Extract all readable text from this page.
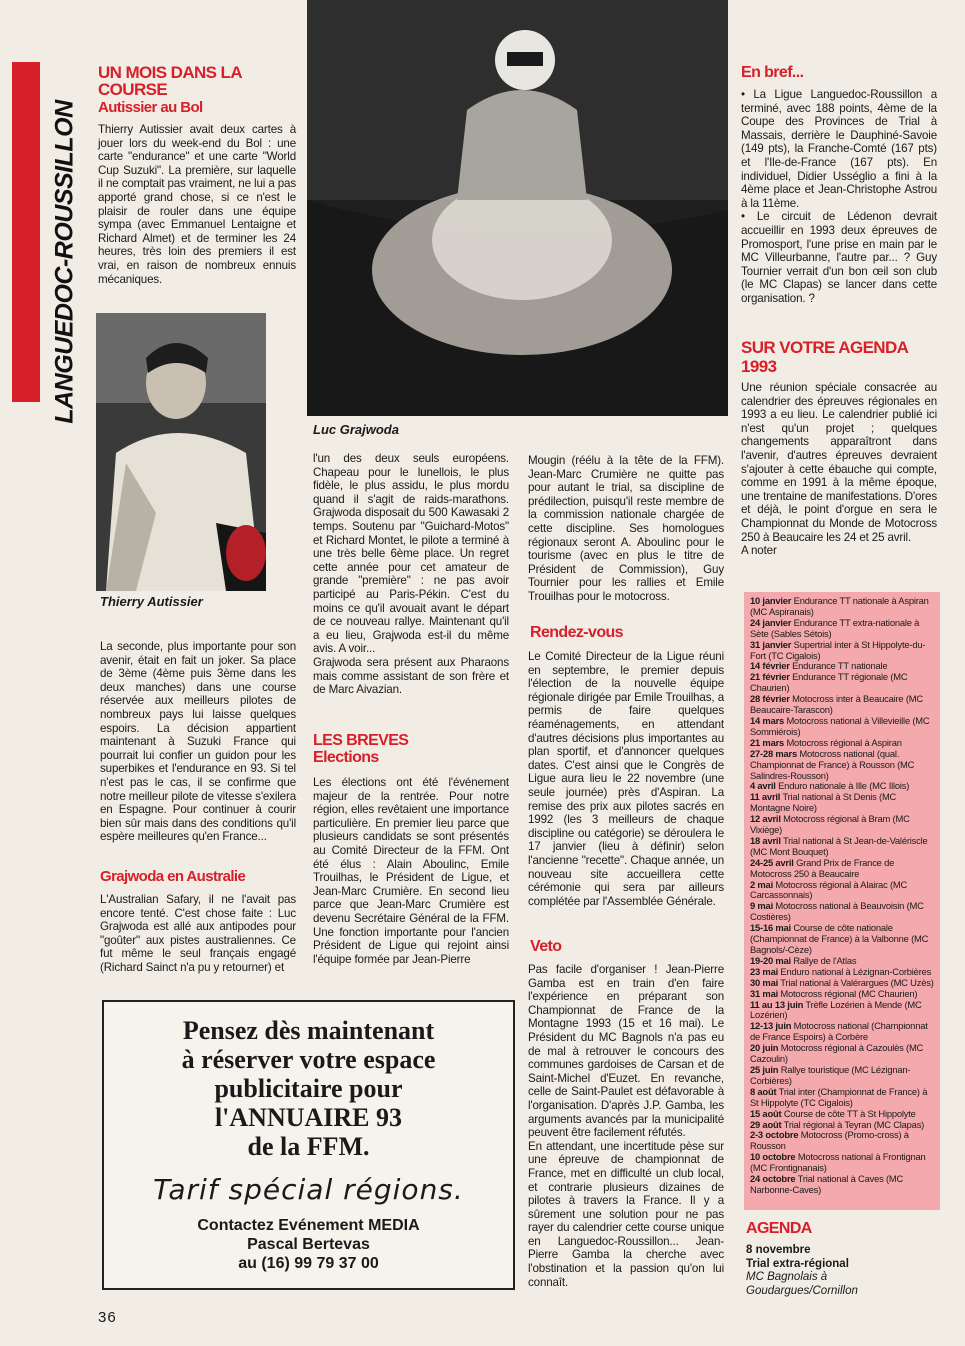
LANGUEDOC-ROUSSILLON
UN MOIS DANS LA COURSE
Autissier au Bol

Thierry Autissier avait deux cartes à jouer lors du week-end du Bol : une carte "endurance" et une carte "World Cup Suzuki". La première, sur laquelle il ne comptait pas vraiment, ne lui a pas apporté grand chose, si ce n'est le plaisir de rouler dans une équipe sympa (avec Emmanuel Lentaigne et Richard Almet) et de terminer les 24 heures, très loin des premiers il est vrai, en raison de nombreux ennuis mécaniques.

Thierry Autissier

La seconde, plus importante pour son avenir, était en fait un joker. Sa place de 3ème (4ème puis 3ème dans les deux manches) dans une course réservée aux meilleurs pilotes de nombreux pays lui laisse quelques espoirs. La décision appartient maintenant à Suzuki France qui pourrait lui confier un guidon pour les superbikes et l'endurance en 93. Si tel n'est pas le cas, il se confirme que notre meilleur pilote de vitesse s'exilera en Espagne. Pour continuer à courir bien sûr mais dans des conditions qu'il espère meilleures qu'en France...

Grajwoda en Australie

L'Australian Safary, il ne l'avait pas encore tenté. C'est chose faite : Luc Grajwoda est allé aux antipodes pour "goûter" aux pistes australiennes. Ce fut même le seul français engagé (Richard Sainct n'a pu y retourner) et

Luc Grajwoda

l'un des deux seuls européens. Chapeau pour le lunellois, le plus fidèle, le plus assidu, le plus mordu quand il s'agit de raids-marathons. Grajwoda disposait du 500 Kawasaki 2 temps. Soutenu par "Guichard-Motos" et Richard Montet, le pilote a terminé à une très belle 6ème place. Un regret cette année pour cet amateur de grande "première" : ne pas avoir participé au Paris-Pékin. C'est du moins ce qu'il avouait avant le départ de ce nouveau rallye. Maintenant qu'il a eu lieu, Grajwoda est-il du même avis. A voir...
Grajwoda sera présent aux Pharaons mais comme assistant de son frère et de Marc Aivazian.

LES BREVES
Elections

Les élections ont été l'événement majeur de la rentrée. Pour notre région, elles revêtaient une importance particulière. En premier lieu parce que plusieurs candidats se sont présentés au Comité Directeur de la FFM. Ont été élus : Alain Aboulinc, Emile Trouilhas, le Président de Ligue, et Jean-Marc Crumière. En second lieu parce que Jean-Marc Crumière est devenu Secrétaire Général de la FFM. Une fonction importante pour l'ancien Président de Ligue qui rejoint ainsi l'équipe formée par Jean-Pierre

Mougin (réélu à la tête de la FFM). Jean-Marc Crumière ne quitte pas pour autant le trial, sa discipline de prédilection, puisqu'il reste membre de la commission nationale chargée de cette discipline. Ses homologues régionaux seront A. Aboulinc pour le tourisme (avec en plus le titre de Président de Commission), Guy Tournier pour les rallies et Emile Trouilhas pour le motocross.

Rendez-vous

Le Comité Directeur de la Ligue réuni en septembre, le premier depuis l'élection de la nouvelle équipe régionale dirigée par Emile Trouilhas, a permis de faire quelques réaménagements, en attendant d'autres décisions plus importantes au plan sportif, et d'annoncer quelques dates. C'est ainsi que le Congrès de Ligue aura lieu le 22 novembre (une seule journée) près d'Aspiran. La remise des prix aux pilotes sacrés en 1992 (les 3 meilleurs de chaque discipline ou catégorie) se déroulera le 17 janvier (lieu à définir) selon l'ancienne "recette". Chaque année, un nouveau site accueillera cette cérémonie qui sera par ailleurs complétée par l'Assemblée Générale.

Veto

Pas facile d'organiser ! Jean-Pierre Gamba est en train d'en faire l'expérience en préparant son Championnat de France de la Montagne 1993 (15 et 16 mai). Le Président du MC Bagnols n'a pas eu de mal à retrouver le concours des communes gardoises de Carsan et de Saint-Michel d'Euzet. En revanche, celle de Saint-Paulet est défavorable à l'organisation. D'après J.P. Gamba, les arguments avancés par la municipalité peuvent être facilement réfutés.
En attendant, une incertitude pèse sur une épreuve de championnat de France, met en difficulté un club local, et contrarie plusieurs dizaines de pilotes à travers la France. Il y a sûrement une solution pour ne pas rayer du calendrier cette course unique en Languedoc-Roussillon... Jean-Pierre Gamba la cherche avec l'obstination et la passion qu'on lui connaît.

En bref...

• La Ligue Languedoc-Roussillon a terminé, avec 188 points, 4ème de la Coupe des Provinces de Trial à Massais, derrière le Dauphiné-Savoie (149 pts), la Franche-Comté (167 pts) et l'Ile-de-France (167 pts). En individuel, Didier Usséglio a fini à la 4ème place et Jean-Christophe Astrou à la 11ème.

• Le circuit de Lédenon devrait accueillir en 1993 deux épreuves de Promosport, l'une prise en main par le MC Villeurbanne, l'autre par... ? Guy Tournier verrait d'un bon œil son club (le MC Clapas) se lancer dans cette organisation. ?

SUR VOTRE AGENDA 1993

Une réunion spéciale consacrée au calendrier des épreuves régionales en 1993 a eu lieu. Le calendrier publié ici n'est qu'un projet ; quelques changements apparaîtront dans l'avenir, d'autres épreuves devraient s'ajouter à cette ébauche qui compte, comme en 1991 à la même époque, une trentaine de manifestations. D'ores et déjà, le point d'orgue en sera le Championnat du Monde de Motocross 250 à Beaucaire les 24 et 25 avril.
A noter

10 janvier Endurance TT nationale à Aspiran (MC Aspiranais)

24 janvier Endurance TT extra-nationale à Sète (Sables Sétois)

31 janvier Supertrial inter à St Hippolyte-du-Fort (TC Cigalois)

14 février Endurance TT nationale

21 février Endurance TT régionale (MC Chaurien)

28 février Motocross inter à Beaucaire (MC Beaucaire-Tarascon)

14 mars Motocross national à Villevieille (MC Sommiérois)

21 mars Motocross régional à Aspiran

27-28 mars Motocross national (qual. Championnat de France) à Rousson (MC Salindres-Rousson)

4 avril Enduro nationale à Ille (MC Illois)

11 avril Trial national à St Denis (MC Montagne Noire)

12 avril Motocross régional à Bram (MC Vixiège)

18 avril Trial national à St Jean-de-Valériscle (MC Mont Bouquet)

24-25 avril Grand Prix de France de Motocross 250 à Beaucaire

2 mai Motocross régional à Alairac (MC Carcassonnais)

9 mai Motocross national à Beauvoisin (MC Costières)

15-16 mai Course de côte nationale (Championnat de France) à la Valbonne (MC Bagnols/-Cèze)

19-20 mai Rallye de l'Atlas

23 mai Enduro national à Lézignan-Corbières

30 mai Trial national à Valérargues (MC Uzès)

31 mai Motocross régional (MC Chaurien)

11 au 13 juin Trèfle Lozérien à Mende (MC Lozérien)

12-13 juin Motocross national (Championnat de France Espoirs) à Corbère

20 juin Motocross régional à Cazoulès (MC Cazoulin)

25 juin Rallye touristique (MC Lézignan-Corbières)

8 août Trial inter (Championnat de France) à St Hippolyte (TC Cigalois)

15 août Course de côte TT à St Hippolyte

29 août Trial régional à Teyran (MC Clapas)

2-3 octobre Motocross (Promo-cross) à Rousson

10 octobre Motocross national à Frontignan (MC Frontignanais)

24 octobre Trial national à Caves (MC Narbonne-Caves)

AGENDA
8 novembre
Trial extra-régional
MC Bagnolais à Goudargues/Cornillon
Pensez dès maintenant
à réserver votre espace
publicitaire pour
l'ANNUAIRE 93
de la FFM.
Tarif spécial régions.
Contactez Evénement MEDIA
Pascal Bertevas
au (16) 99 79 37 00
36
